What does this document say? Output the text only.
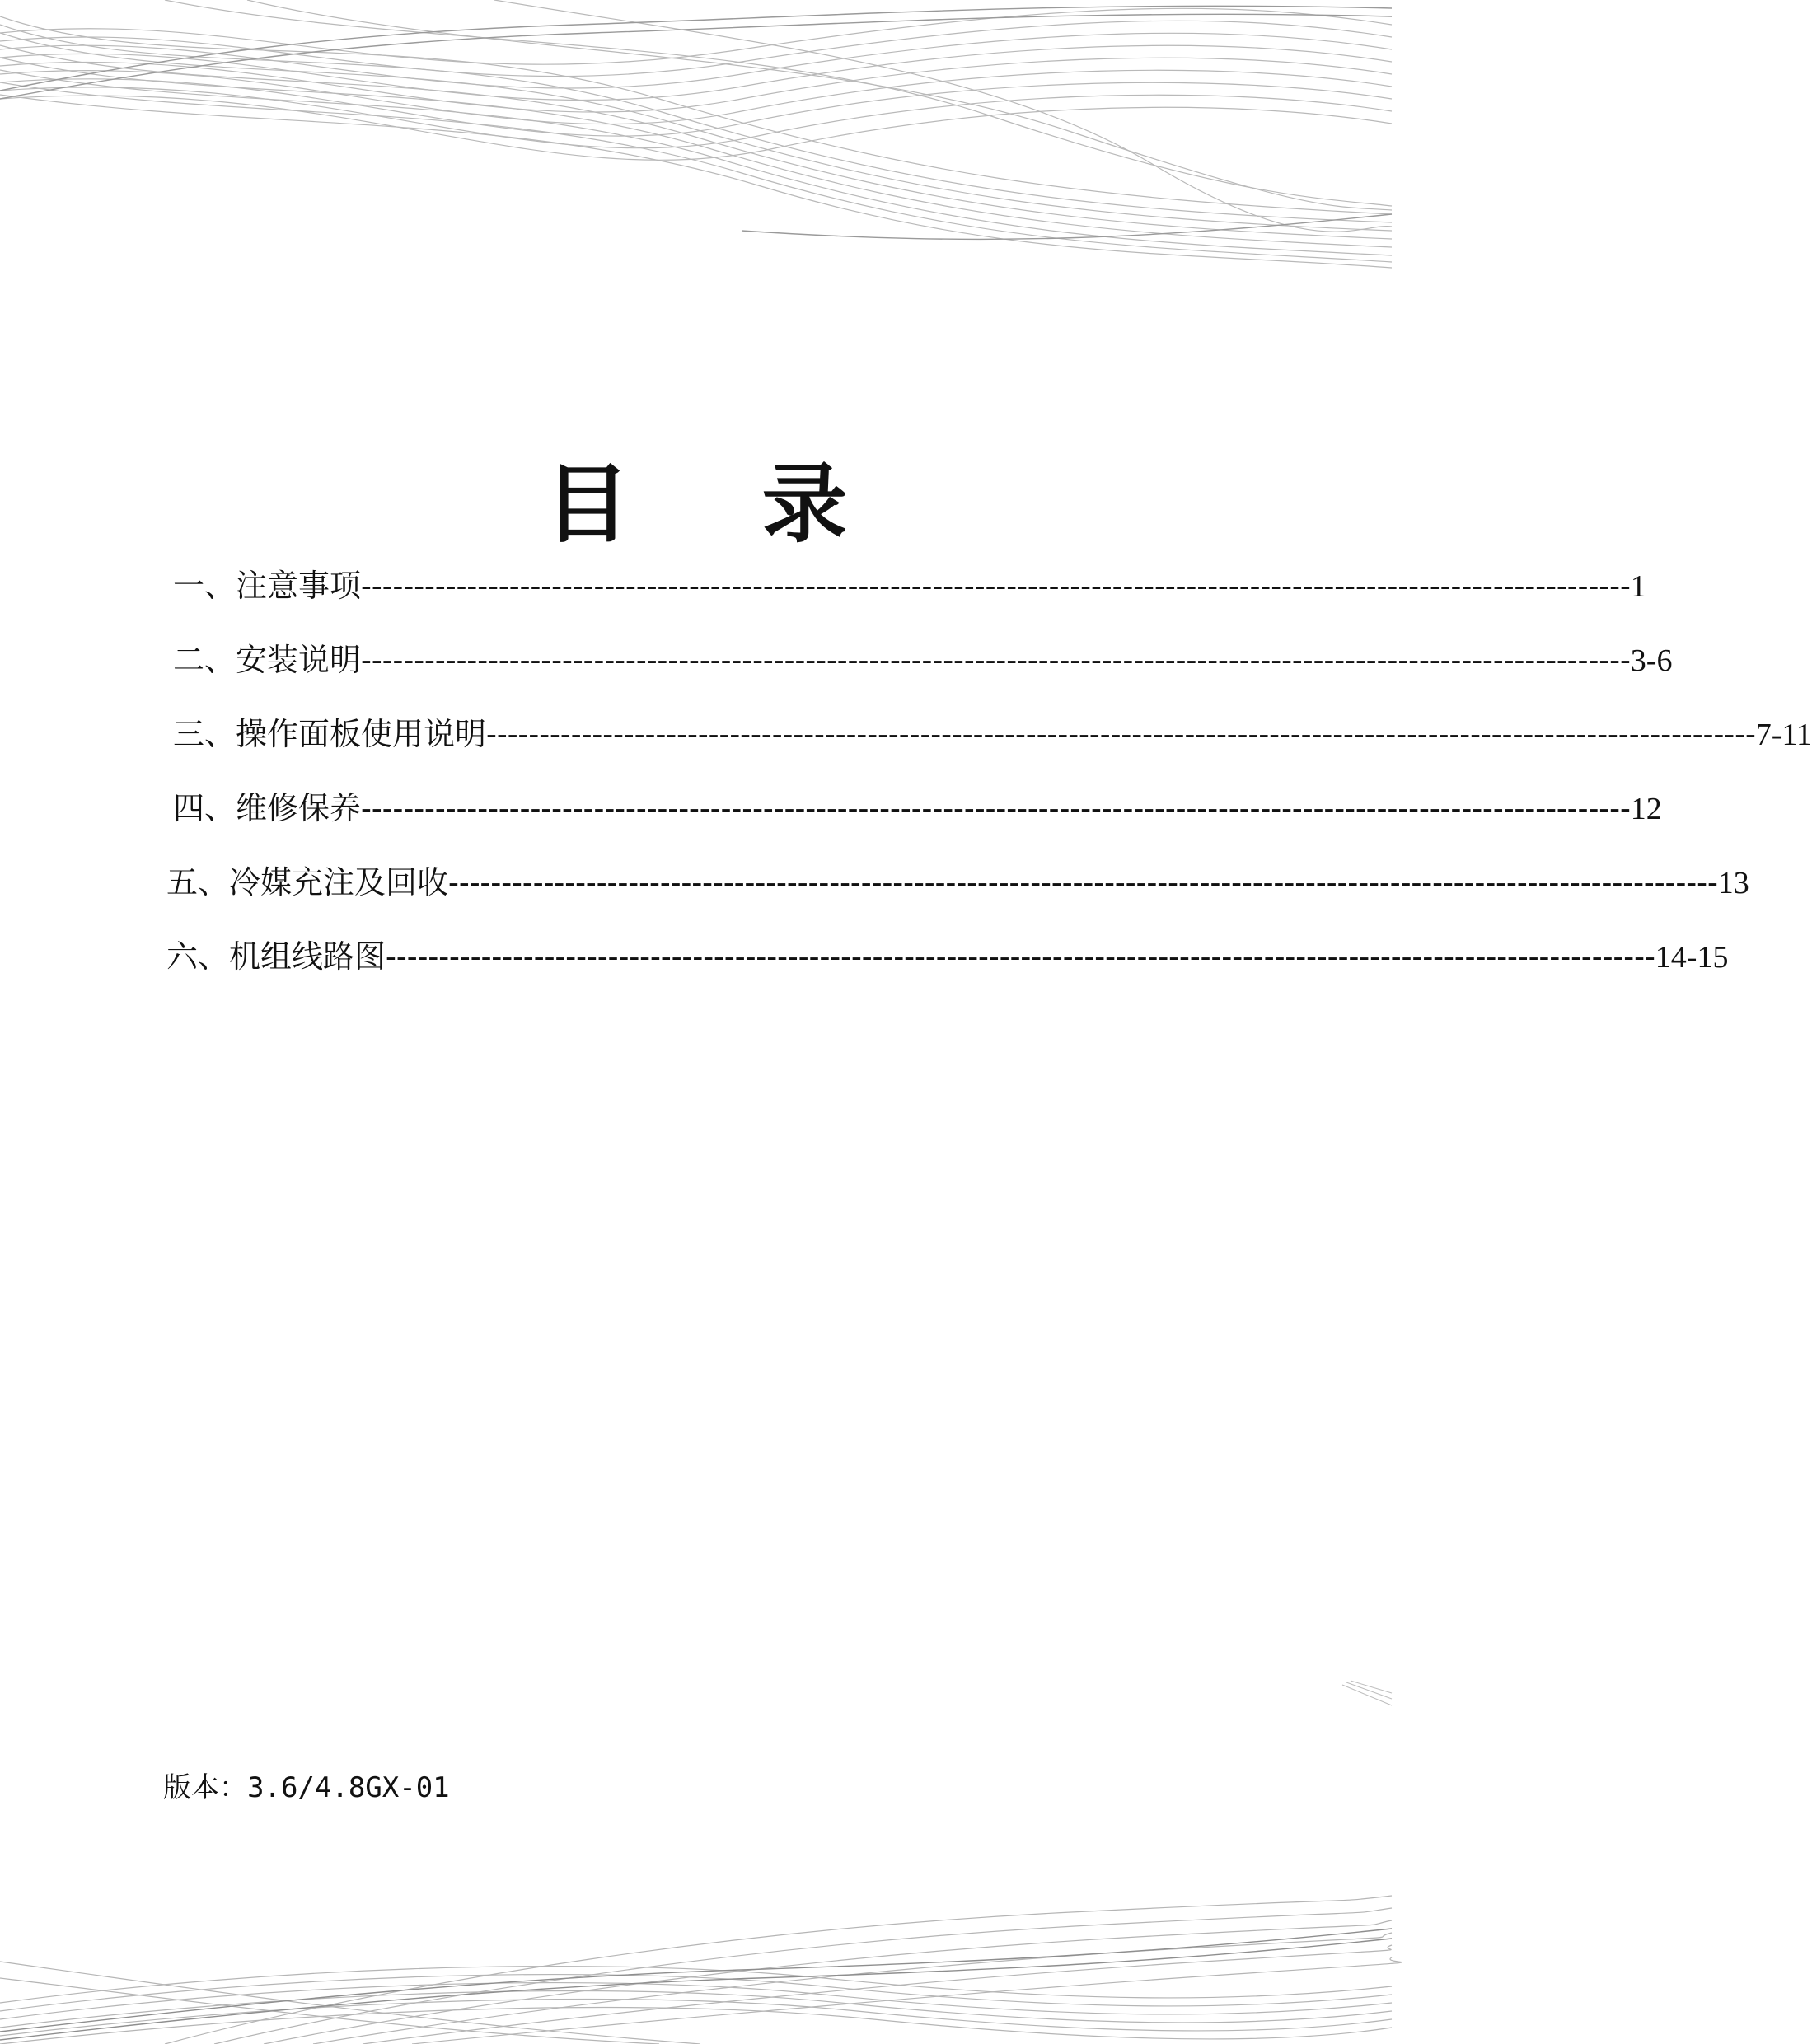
目 录
一、注意事项 ------------------------------------------------------------------------------------------------------------------------ 1
二、安装说明 ------------------------------------------------------------------------------------------------------------------------ 3-6
三、操作面板使用说明 ------------------------------------------------------------------------------------------------------------------------ 7-11
四、维修保养 ------------------------------------------------------------------------------------------------------------------------ 12
五、冷媒充注及回收 ------------------------------------------------------------------------------------------------------------------------ 13
六、机组线路图 ------------------------------------------------------------------------------------------------------------------------ 14-15
版本：3.6/4.8GX-01
